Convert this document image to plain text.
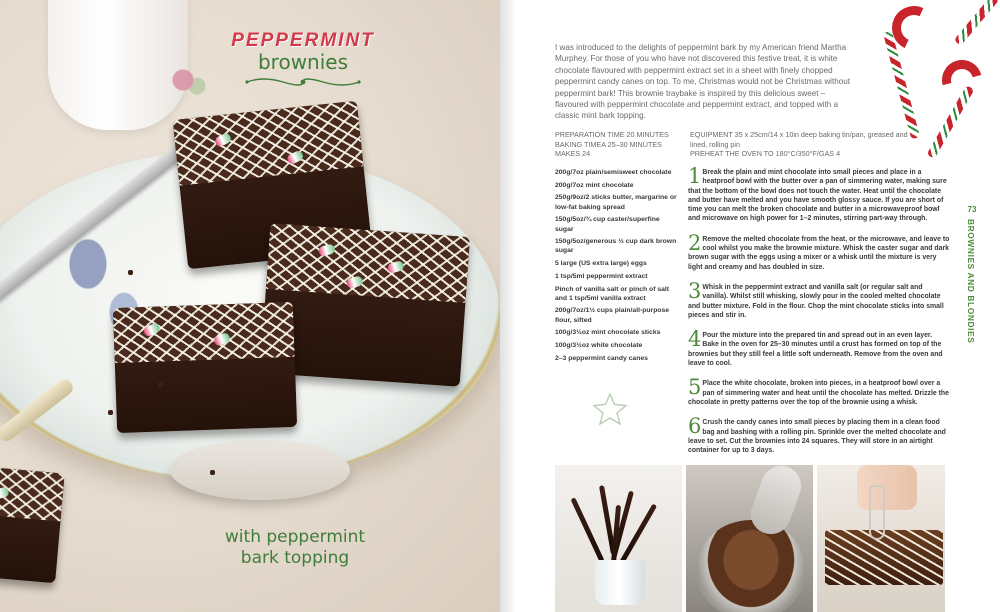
PEPPERMINT
brownies
with peppermint bark topping

I was introduced to the delights of peppermint bark by my American friend Martha Murphey. For those of you who have not discovered this festive treat, it is white chocolate flavoured with peppermint extract set in a sheet with finely chopped peppermint candy canes on top. To me, Christmas would not be Christmas without peppermint bark! This brownie traybake is inspired by this delicious sweet – flavoured with peppermint chocolate and peppermint extract, and topped with a classic mint bark topping.

PREPARATION TIME 20 MINUTES
BAKING TIMEA 25–30 MINUTES
MAKES 24
EQUIPMENT 35 x 25cm/14 x 10in deep baking tin/pan, greased and lined, rolling pin
PREHEAT THE OVEN TO 180°C/350°F/GAS 4
200g/7oz plain/semisweet chocolate
200g/7oz mint chocolate
250g/9oz/2 sticks butter, margarine or low-fat baking spread
150g/5oz/¾ cup caster/superfine sugar
150g/5oz/generous ½ cup dark brown sugar
5 large (US extra large) eggs
1 tsp/5ml peppermint extract
Pinch of vanilla salt or pinch of salt and 1 tsp/5ml vanilla extract
200g/7oz/1½ cups plain/all-purpose flour, sifted
100g/3½oz mint chocolate sticks
100g/3½oz white chocolate
2–3 peppermint candy canes
1 Break the plain and mint chocolate into small pieces and place in a heatproof bowl with the butter over a pan of simmering water, making sure that the bottom of the bowl does not touch the water. Heat until the chocolate and butter have melted and you have smooth glossy sauce. If you are short of time you can melt the broken chocolate and butter in a microwaveproof bowl and microwave on high power for 1–2 minutes, stirring part-way through.
2 Remove the melted chocolate from the heat, or the microwave, and leave to cool whilst you make the brownie mixture. Whisk the caster sugar and dark brown sugar with the eggs using a mixer or a whisk until the mixture is very light and creamy and has doubled in size.
3 Whisk in the peppermint extract and vanilla salt (or regular salt and vanilla). Whilst still whisking, slowly pour in the cooled melted chocolate and butter mixture. Fold in the flour. Chop the mint chocolate sticks into small pieces and stir in.
4 Pour the mixture into the prepared tin and spread out in an even layer. Bake in the oven for 25–30 minutes until a crust has formed on top of the brownies but they still feel a little soft underneath. Remove from the oven and leave to cool.
5 Place the white chocolate, broken into pieces, in a heatproof bowl over a pan of simmering water and heat until the chocolate has melted. Drizzle the chocolate in pretty patterns over the top of the brownie using a whisk.
6 Crush the candy canes into small pieces by placing them in a clean food bag and bashing with a rolling pin. Sprinkle over the melted chocolate and leave to set. Cut the brownies into 24 squares. They will store in an airtight container for up to 3 days.
73
BROWNIES AND BLONDIES
